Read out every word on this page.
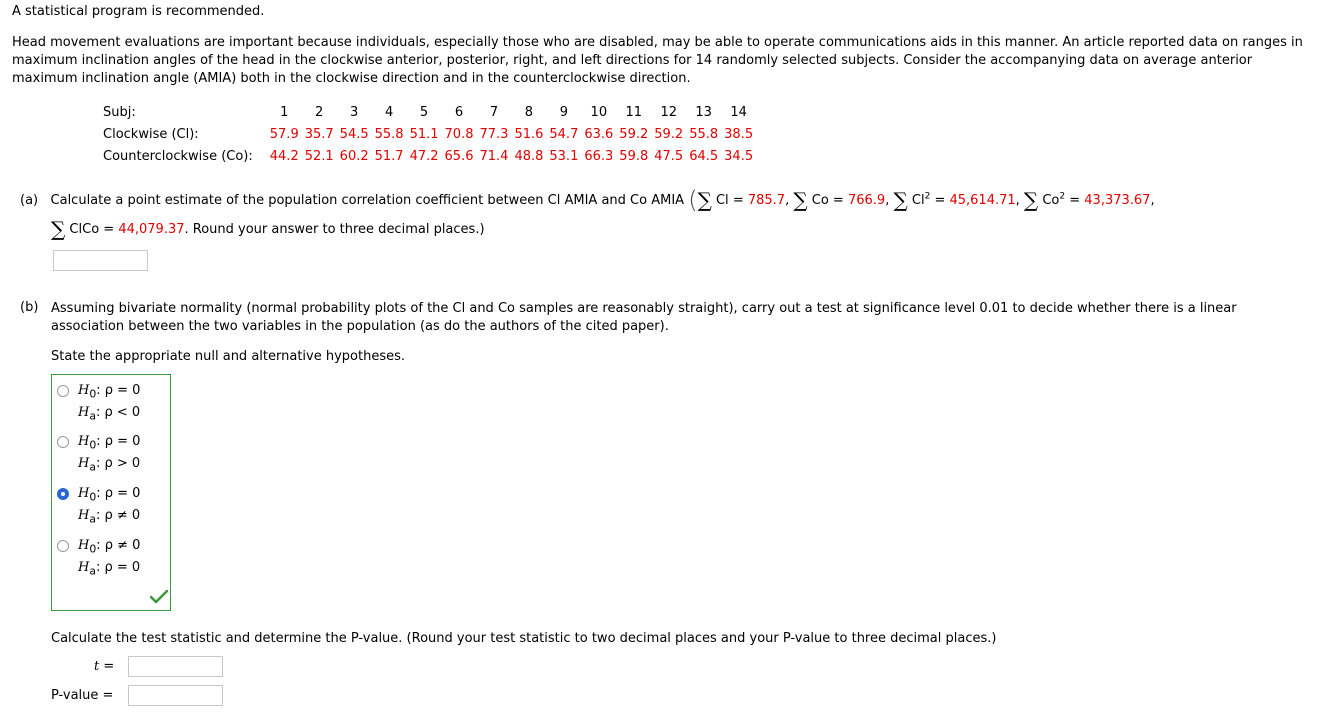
A statistical program is recommended.
Head movement evaluations are important because individuals, especially those who are disabled, may be able to operate communications aids in this manner. An article reported data on ranges in maximum inclination angles of the head in the clockwise anterior, posterior, right, and left directions for 14 randomly selected subjects. Consider the accompanying data on average anterior maximum inclination angle (AMIA) both in the clockwise direction and in the counterclockwise direction.
Subj:	1	2	3	4	5	6	7	8	9	10	11	12	13	14
Clockwise (Cl):	57.9	35.7	54.5	55.8	51.1	70.8	77.3	51.6	54.7	63.6	59.2	59.2	55.8	38.5
Counterclockwise (Co):	44.2	52.1	60.2	51.7	47.2	65.6	71.4	48.8	53.1	66.3	59.8	47.5	64.5	34.5
(a) Calculate a point estimate of the population correlation coefficient between Cl AMIA and Co AMIA (∑ Cl = 785.7, ∑ Co = 766.9, ∑ $Cl^2 = 45,614.71$, ∑ $Co^2 = 43,373.67$,
∑ ClCo = 44,079.37. Round your answer to three decimal places.)
(b) Assuming bivariate normality (normal probability plots of the Cl and Co samples are reasonably straight), carry out a test at significance level 0.01 to decide whether there is a linear association between the two variables in the population (as do the authors of the cited paper).
State the appropriate null and alternative hypotheses.
$H_0$: ρ = 0
$H_a$: ρ < 0
$H_0$: ρ = 0
$H_a$: ρ > 0
$H_0$: ρ = 0
$H_a$: ρ ≠ 0
$H_0$: ρ ≠ 0
$H_a$: ρ = 0
Calculate the test statistic and determine the P-value. (Round your test statistic to two decimal places and your P-value to three decimal places.)
t =
P-value =
